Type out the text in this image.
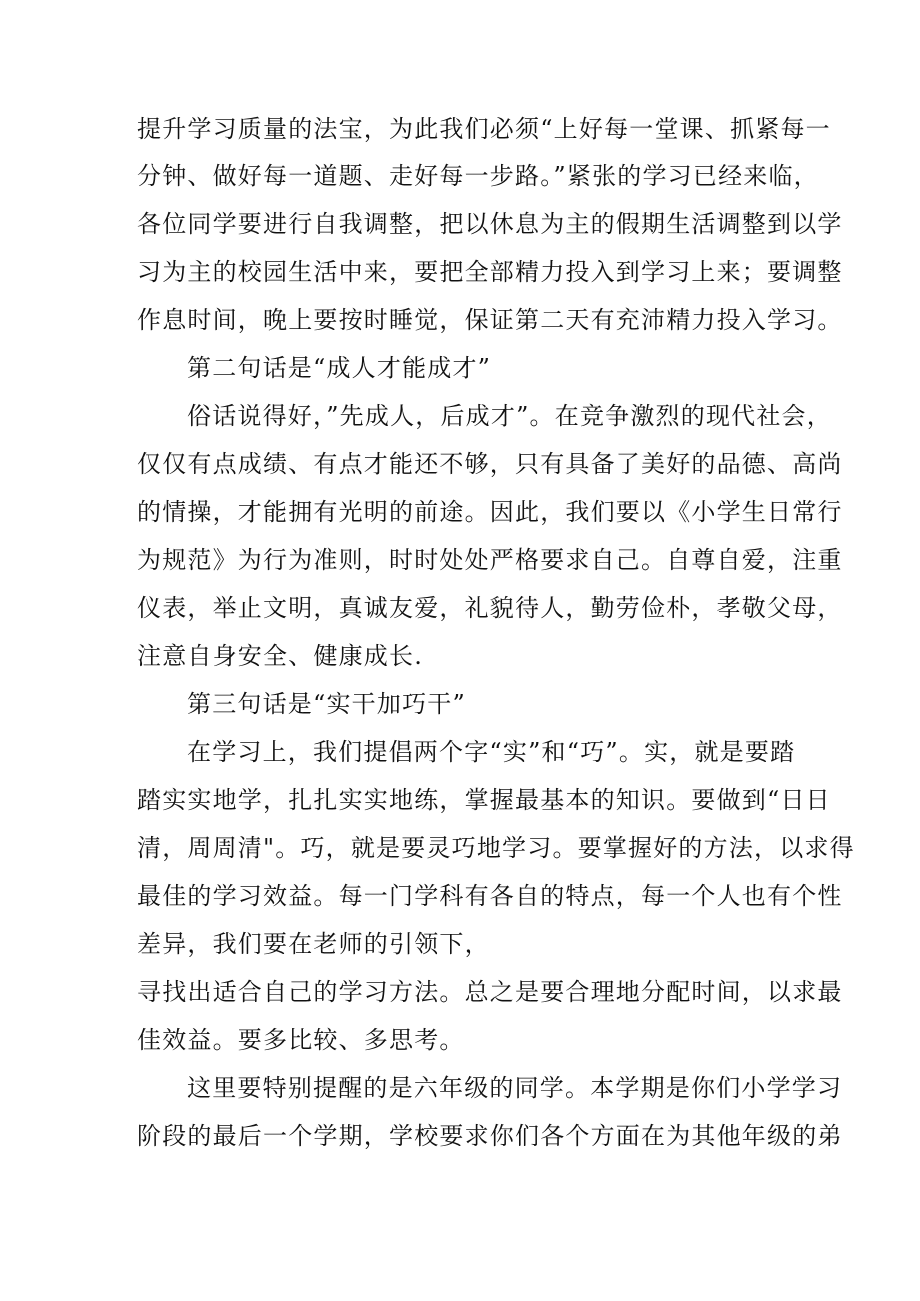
提升学习质量的法宝，为此我们必须“上好每一堂课、抓紧每一
分钟、做好每一道题、走好每一步路。”紧张的学习已经来临，
各位同学要进行自我调整，把以休息为主的假期生活调整到以学
习为主的校园生活中来，要把全部精力投入到学习上来；要调整
作息时间，晚上要按时睡觉，保证第二天有充沛精力投入学习。
第二句话是“成人才能成才”
俗话说得好，”先成人，后成才”。在竞争激烈的现代社会，
仅仅有点成绩、有点才能还不够，只有具备了美好的品德、高尚
的情操，才能拥有光明的前途。因此，我们要以《小学生日常行
为规范》为行为准则，时时处处严格要求自己。自尊自爱，注重
仪表，举止文明，真诚友爱，礼貌待人，勤劳俭朴，孝敬父母，
注意自身安全、健康成长.
第三句话是“实干加巧干”
在学习上，我们提倡两个字“实”和“巧”。实，就是要踏
踏实实地学，扎扎实实地练，掌握最基本的知识。要做到“日日
清，周周清"。巧，就是要灵巧地学习。要掌握好的方法，以求得
最佳的学习效益。每一门学科有各自的特点，每一个人也有个性
差异，我们要在老师的引领下，
寻找出适合自己的学习方法。总之是要合理地分配时间，以求最
佳效益。要多比较、多思考。
这里要特别提醒的是六年级的同学。本学期是你们小学学习
阶段的最后一个学期，学校要求你们各个方面在为其他年级的弟
